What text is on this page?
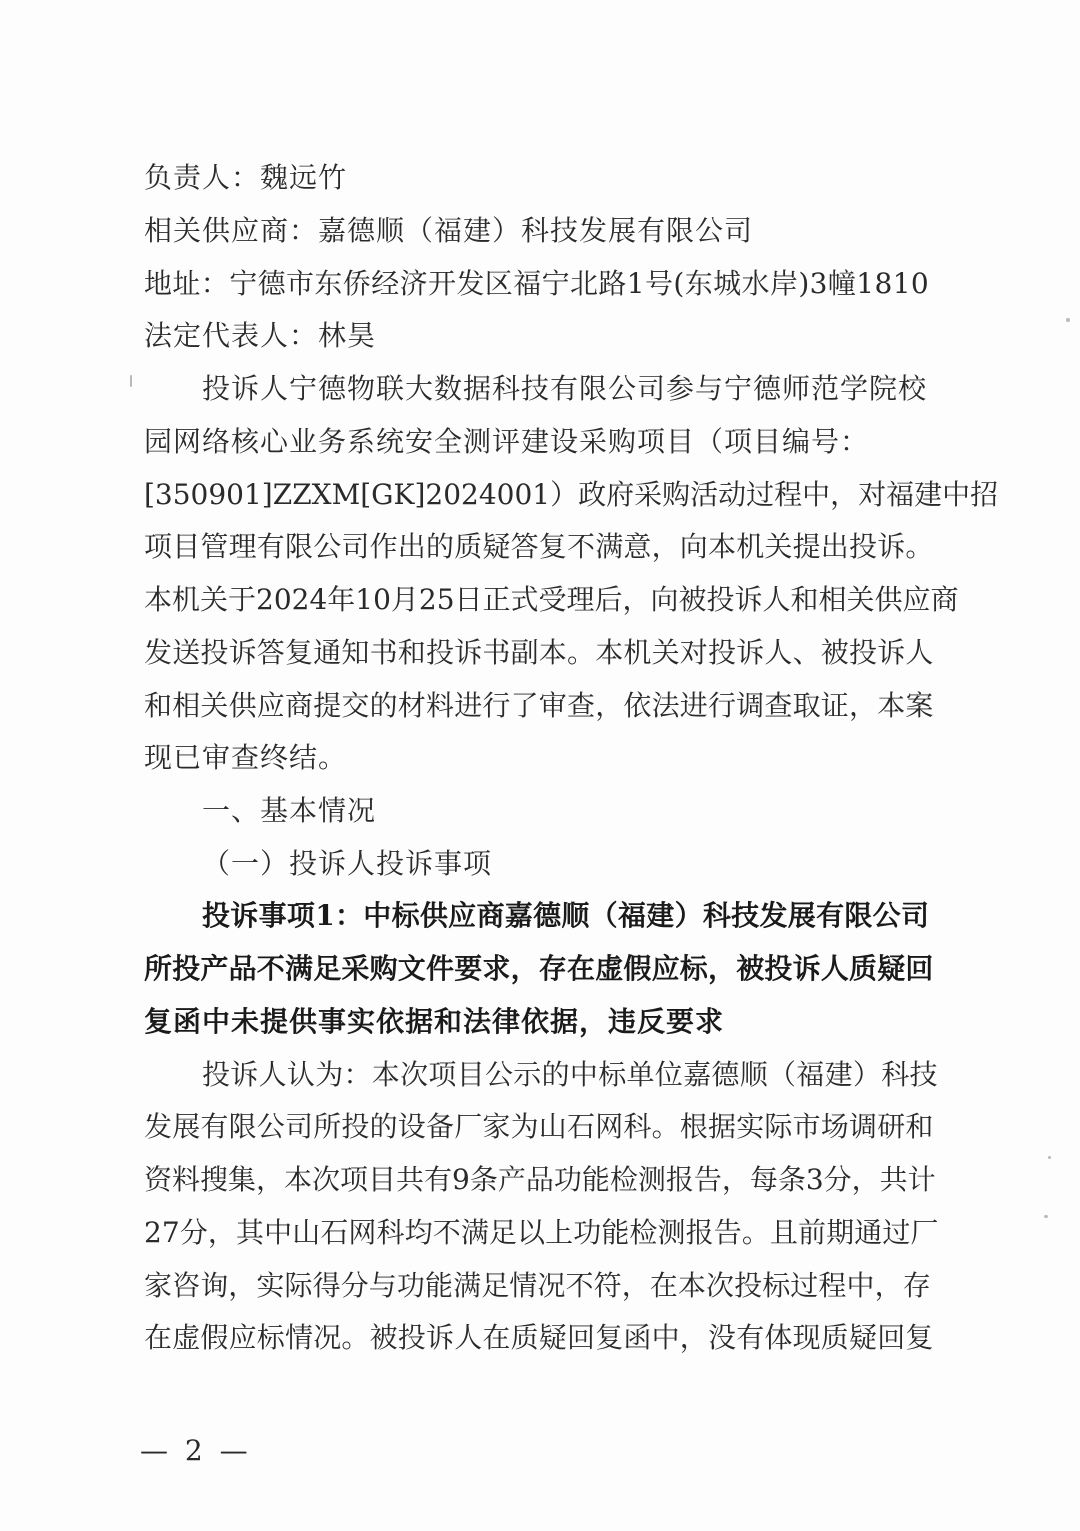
负责人：魏远竹
相关供应商：嘉德顺（福建）科技发展有限公司
地址：宁德市东侨经济开发区福宁北路1号(东城水岸)3幢1810
法定代表人：林昊
投诉人宁德物联大数据科技有限公司参与宁德师范学院校
园网络核心业务系统安全测评建设采购项目（项目编号：
[350901]ZZXM[GK]2024001）政府采购活动过程中，对福建中招
项目管理有限公司作出的质疑答复不满意，向本机关提出投诉。
本机关于2024年10月25日正式受理后，向被投诉人和相关供应商
发送投诉答复通知书和投诉书副本。本机关对投诉人、被投诉人
和相关供应商提交的材料进行了审查，依法进行调查取证，本案
现已审查终结。
一、基本情况
（一）投诉人投诉事项
投诉事项1：中标供应商嘉德顺（福建）科技发展有限公司
所投产品不满足采购文件要求，存在虚假应标，被投诉人质疑回
复函中未提供事实依据和法律依据，违反要求
投诉人认为：本次项目公示的中标单位嘉德顺（福建）科技
发展有限公司所投的设备厂家为山石网科。根据实际市场调研和
资料搜集，本次项目共有9条产品功能检测报告，每条3分，共计
27分，其中山石网科均不满足以上功能检测报告。且前期通过厂
家咨询，实际得分与功能满足情况不符，在本次投标过程中，存
在虚假应标情况。被投诉人在质疑回复函中，没有体现质疑回复
— 2 —
